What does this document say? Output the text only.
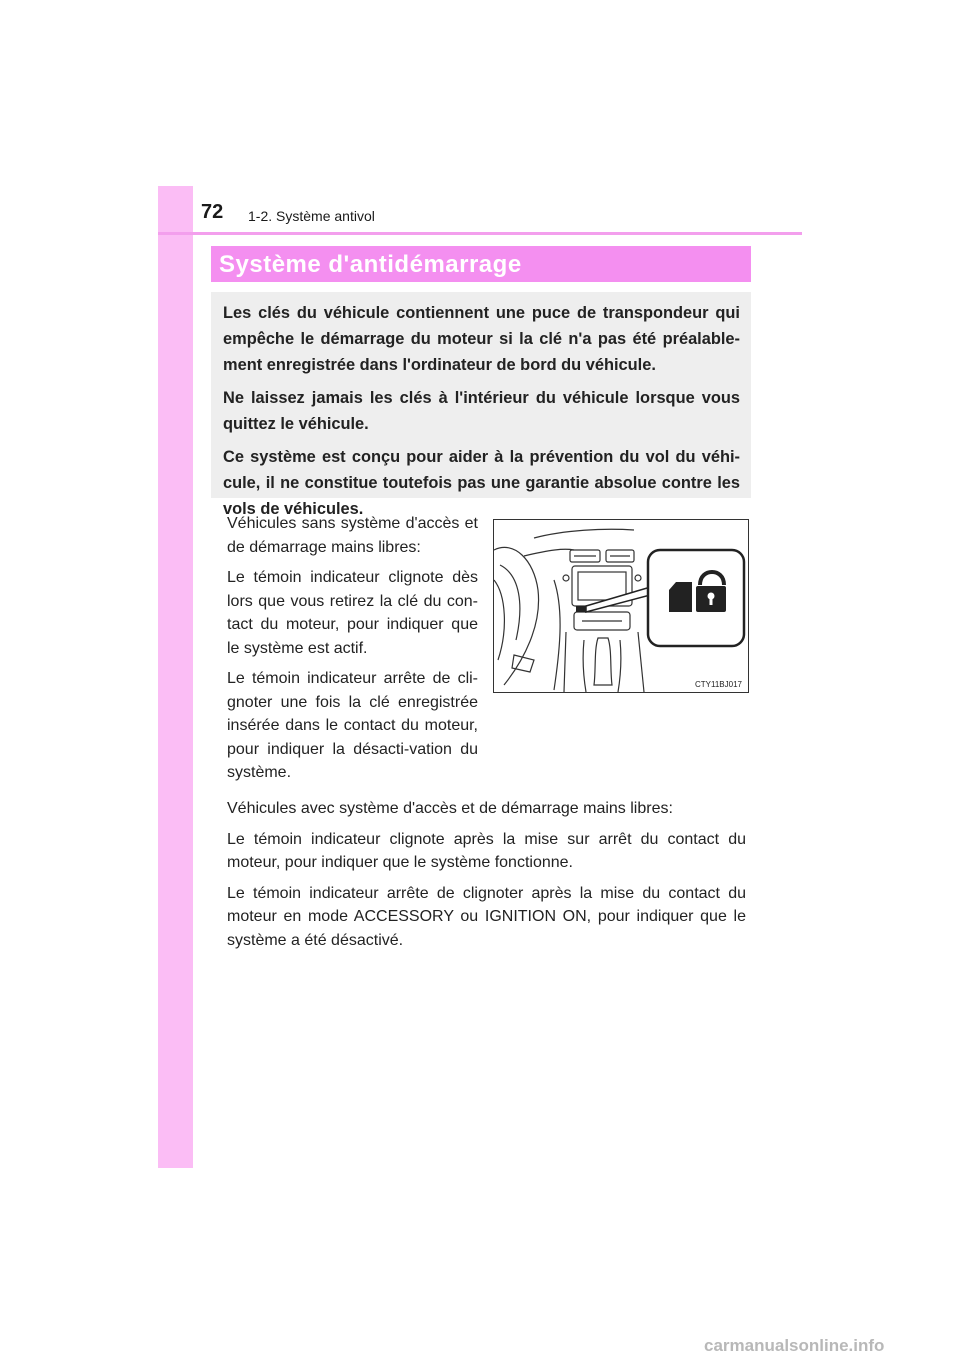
72 1-2. Système antivol
Système d'antidémarrage

Les clés du véhicule contiennent une puce de transpondeur qui empêche le démarrage du moteur si la clé n'a pas été préalable-ment enregistrée dans l'ordinateur de bord du véhicule.

Ne laissez jamais les clés à l'intérieur du véhicule lorsque vous quittez le véhicule.

Ce système est conçu pour aider à la prévention du vol du véhi-cule, il ne constitue toutefois pas une garantie absolue contre les vols de véhicules.

Véhicules sans système d'accès et de démarrage mains libres:

Le témoin indicateur clignote dès lors que vous retirez la clé du con-tact du moteur, pour indiquer que le système est actif.

Le témoin indicateur arrête de cli-gnoter une fois la clé enregistrée insérée dans le contact du moteur, pour indiquer la désacti-vation du système.

CTY11BJ017

Véhicules avec système d'accès et de démarrage mains libres:

Le témoin indicateur clignote après la mise sur arrêt du contact du moteur, pour indiquer que le système fonctionne.

Le témoin indicateur arrête de clignoter après la mise du contact du moteur en mode ACCESSORY ou IGNITION ON, pour indiquer que le système a été désactivé.

carmanualsonline.info
